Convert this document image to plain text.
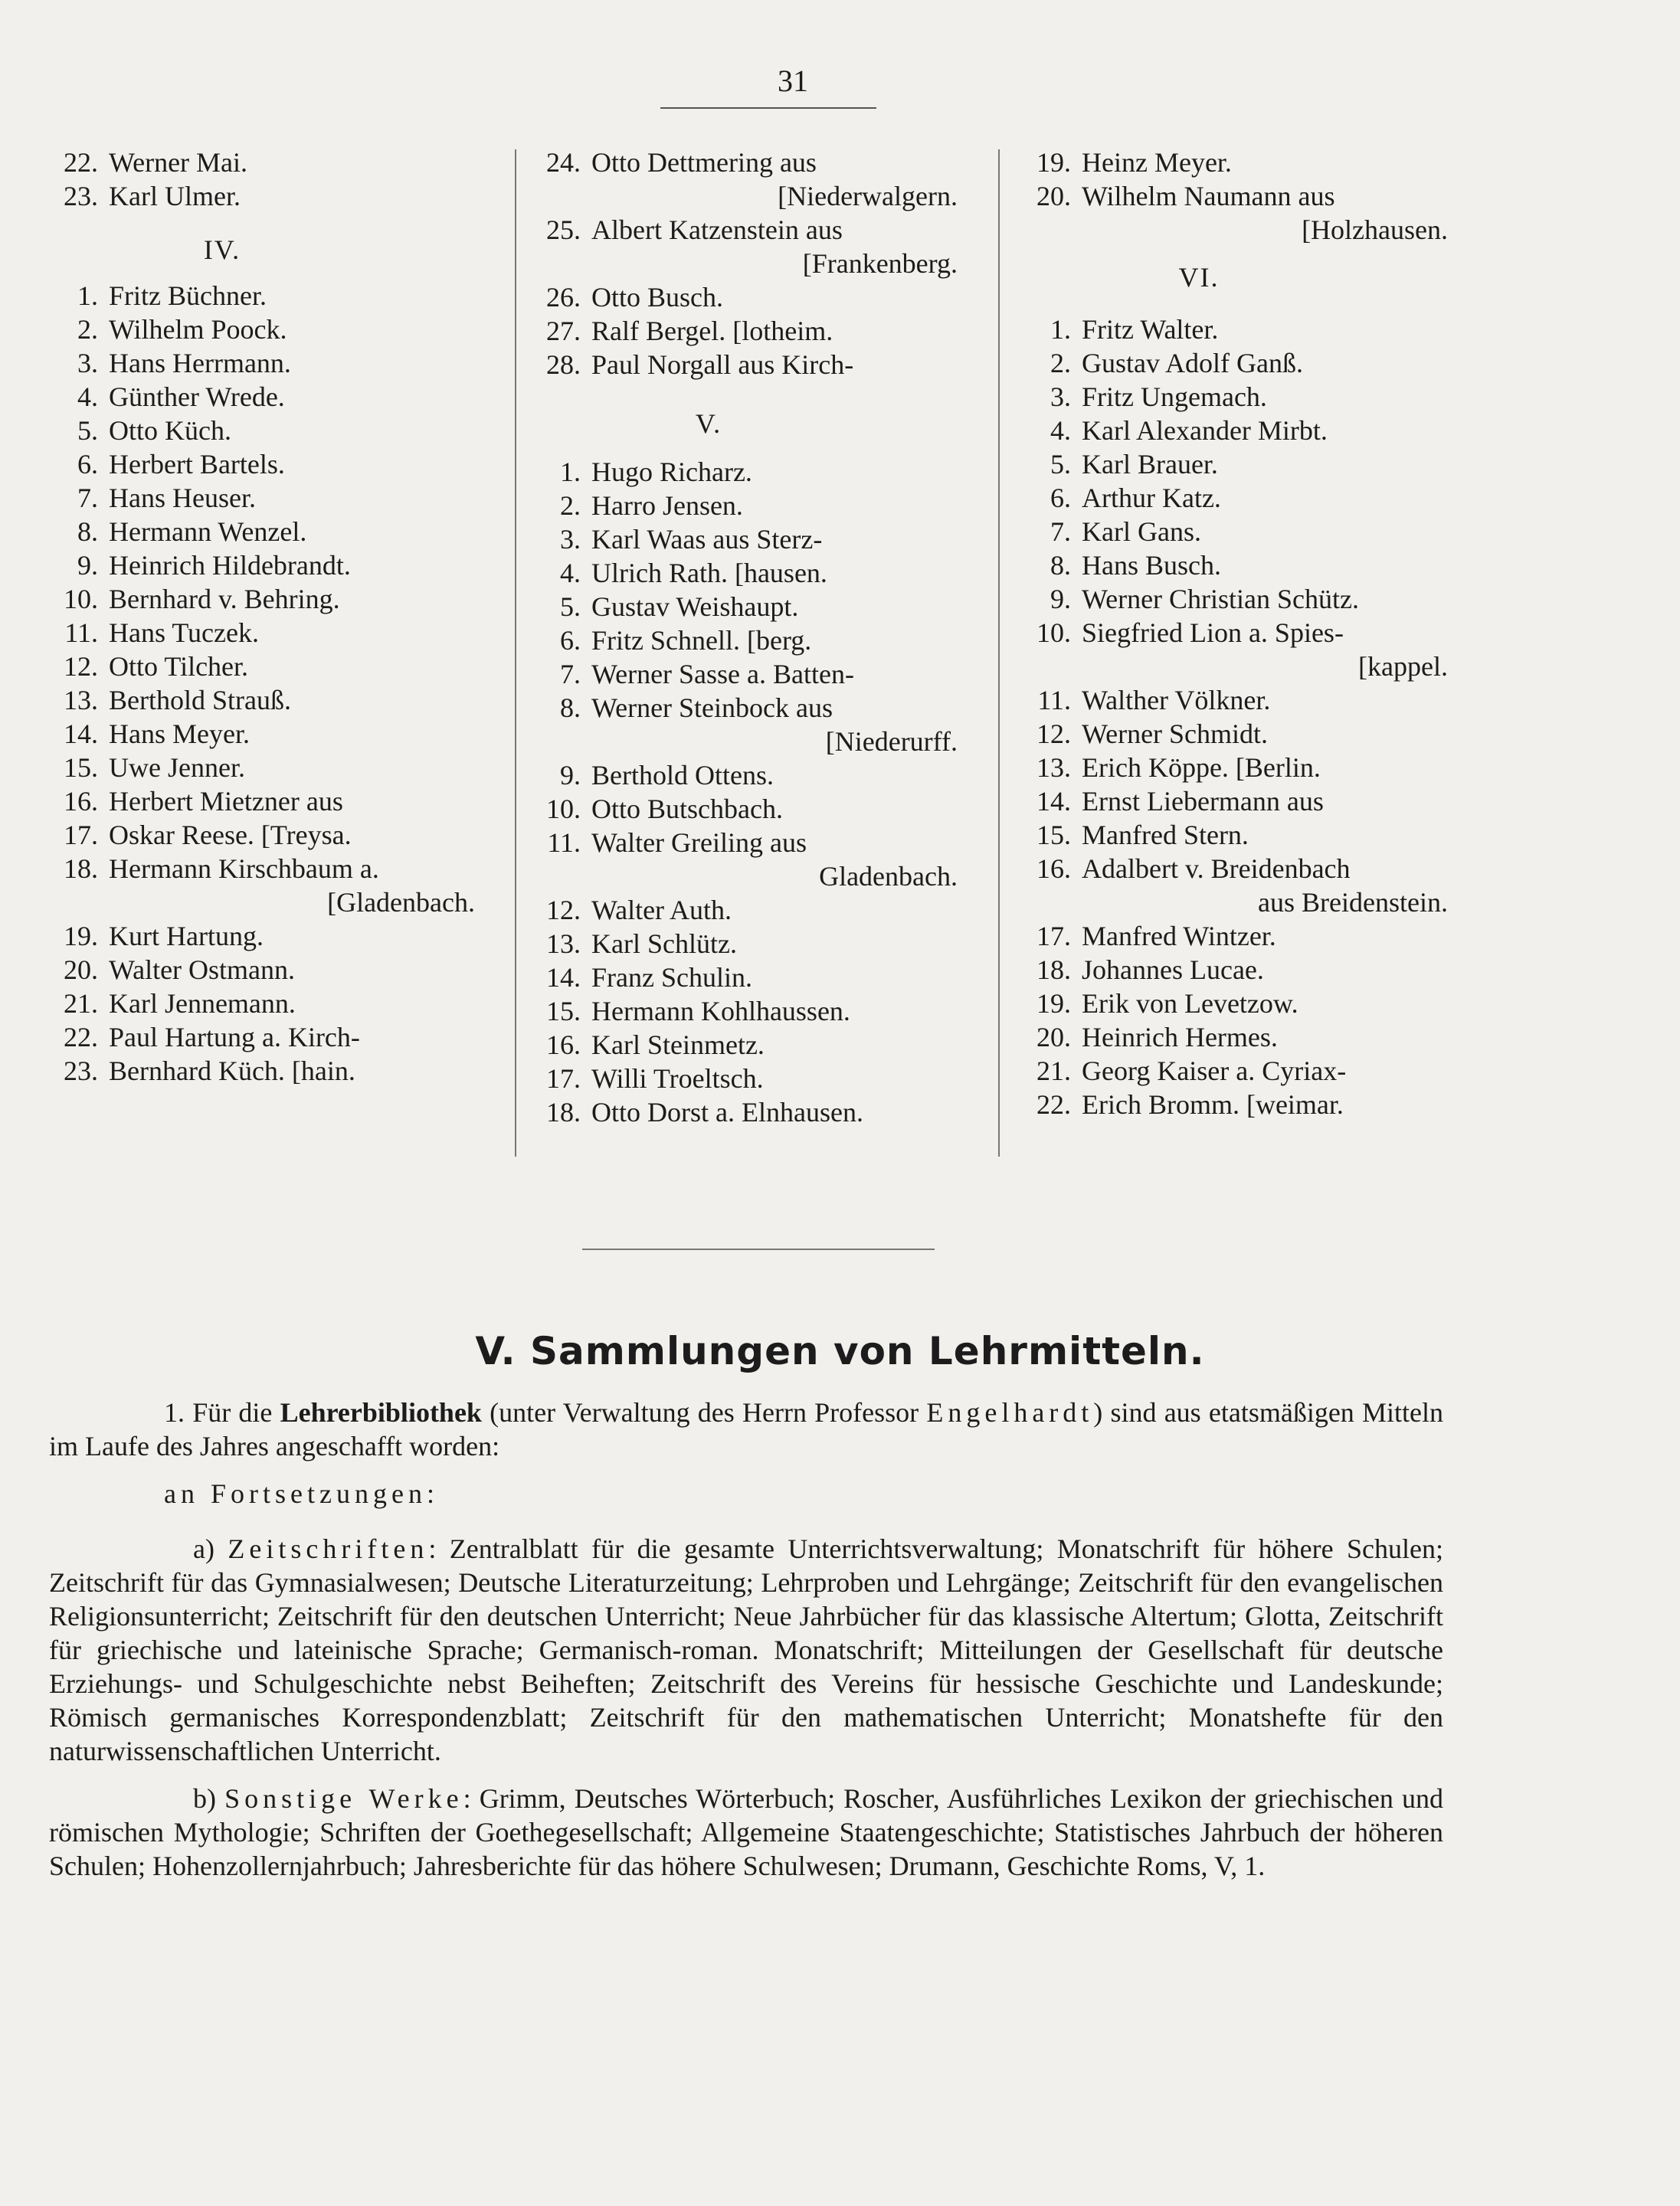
31
22. Werner Mai.
23. Karl Ulmer.
IV.
1. Fritz Büchner.
2. Wilhelm Poock.
3. Hans Herrmann.
4. Günther Wrede.
5. Otto Küch.
6. Herbert Bartels.
7. Hans Heuser.
8. Hermann Wenzel.
9. Heinrich Hildebrandt.
10. Bernhard v. Behring.
11. Hans Tuczek.
12. Otto Tilcher.
13. Berthold Strauß.
14. Hans Meyer.
15. Uwe Jenner.
16. Herbert Mietzner aus
17. Oskar Reese. [Treysa.
18. Hermann Kirschbaum a.
[Gladenbach.
19. Kurt Hartung.
20. Walter Ostmann.
21. Karl Jennemann.
22. Paul Hartung a. Kirch-
23. Bernhard Küch. [hain.
24. Otto Dettmering aus
[Niederwalgern.
25. Albert Katzenstein aus
[Frankenberg.
26. Otto Busch.
27. Ralf Bergel. [lotheim.
28. Paul Norgall aus Kirch-
V.
1. Hugo Richarz.
2. Harro Jensen.
3. Karl Waas aus Sterz-
4. Ulrich Rath. [hausen.
5. Gustav Weishaupt.
6. Fritz Schnell. [berg.
7. Werner Sasse a. Batten-
8. Werner Steinbock aus
[Niederurff.
9. Berthold Ottens.
10. Otto Butschbach.
11. Walter Greiling aus
Gladenbach.
12. Walter Auth.
13. Karl Schlütz.
14. Franz Schulin.
15. Hermann Kohlhaussen.
16. Karl Steinmetz.
17. Willi Troeltsch.
18. Otto Dorst a. Elnhausen.
19. Heinz Meyer.
20. Wilhelm Naumann aus
[Holzhausen.
VI.
1. Fritz Walter.
2. Gustav Adolf Ganß.
3. Fritz Ungemach.
4. Karl Alexander Mirbt.
5. Karl Brauer.
6. Arthur Katz.
7. Karl Gans.
8. Hans Busch.
9. Werner Christian Schütz.
10. Siegfried Lion a. Spies-
[kappel.
11. Walther Völkner.
12. Werner Schmidt.
13. Erich Köppe. [Berlin.
14. Ernst Liebermann aus
15. Manfred Stern.
16. Adalbert v. Breidenbach
aus Breidenstein.
17. Manfred Wintzer.
18. Johannes Lucae.
19. Erik von Levetzow.
20. Heinrich Hermes.
21. Georg Kaiser a. Cyriax-
22. Erich Bromm. [weimar.
V. Sammlungen von Lehrmitteln.

1. Für die Lehrerbibliothek (unter Verwaltung des Herrn Professor Engelhardt) sind aus etatsmäßigen Mitteln im Laufe des Jahres angeschafft worden:

an Fortsetzungen:

a) Zeitschriften: Zentralblatt für die gesamte Unterrichtsverwaltung; Monatschrift für höhere Schulen; Zeitschrift für das Gymnasialwesen; Deutsche Literaturzeitung; Lehrproben und Lehrgänge; Zeitschrift für den evangelischen Religionsunterricht; Zeitschrift für den deutschen Unterricht; Neue Jahrbücher für das klassische Altertum; Glotta, Zeitschrift für griechische und lateinische Sprache; Germanisch-roman. Monatschrift; Mitteilungen der Gesellschaft für deutsche Erziehungs- und Schulgeschichte nebst Beiheften; Zeitschrift des Vereins für hessische Geschichte und Landeskunde; Römisch germanisches Korrespondenzblatt; Zeitschrift für den mathematischen Unterricht; Monatshefte für den naturwissenschaftlichen Unterricht.

b) Sonstige Werke: Grimm, Deutsches Wörterbuch; Roscher, Ausführliches Lexikon der griechischen und römischen Mythologie; Schriften der Goethegesellschaft; Allgemeine Staatengeschichte; Statistisches Jahrbuch der höheren Schulen; Hohenzollernjahrbuch; Jahresberichte für das höhere Schulwesen; Drumann, Geschichte Roms, V, 1.
